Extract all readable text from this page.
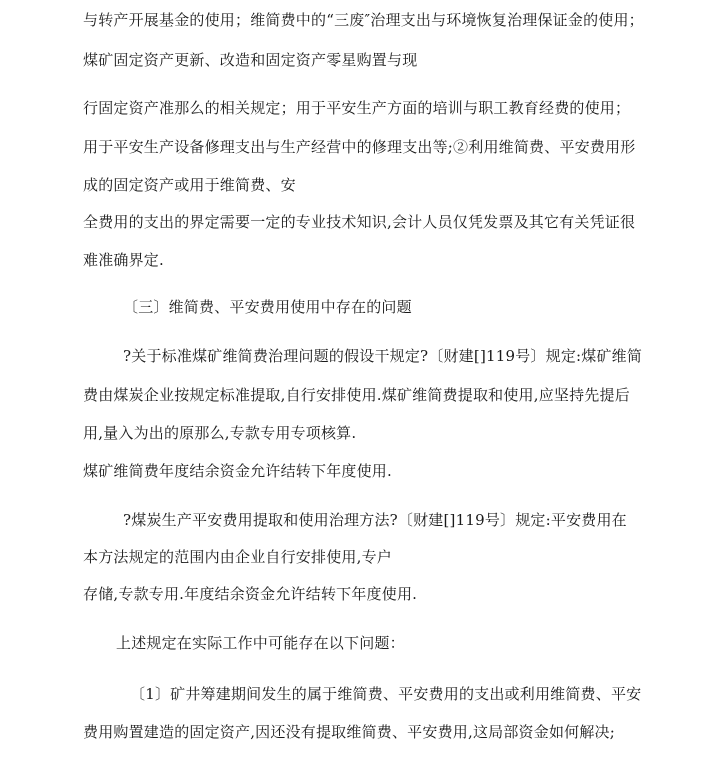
与转产开展基金的使用；维简费中的“三废″治理支出与环境恢复治理保证金的使用；
煤矿固定资产更新、改造和固定资产零星购置与现
行固定资产准那么的相关规定；用于平安生产方面的培训与职工教育经费的使用；
用于平安生产设备修理支出与生产经营中的修理支出等;②利用维简费、平安费用形
成的固定资产或用于维简费、安
全费用的支出的界定需要一定的专业技术知识,会计人员仅凭发票及其它有关凭证很
难准确界定.
〔三〕维简费、平安费用使用中存在的问题
?关于标准煤矿维简费治理问题的假设干规定?〔财建[]119号〕规定:煤矿维简
费由煤炭企业按规定标准提取,自行安排使用.煤矿维简费提取和使用,应坚持先提后
用,量入为出的原那么,专款专用专项核算.
煤矿维简费年度结余资金允许结转下年度使用.
?煤炭生产平安费用提取和使用治理方法?〔财建[]119号〕规定:平安费用在
本方法规定的范围内由企业自行安排使用,专户
存储,专款专用.年度结余资金允许结转下年度使用.
上述规定在实际工作中可能存在以下问题：
〔1〕矿井筹建期间发生的属于维简费、平安费用的支出或利用维简费、平安
费用购置建造的固定资产,因还没有提取维简费、平安费用,这局部资金如何解决;
